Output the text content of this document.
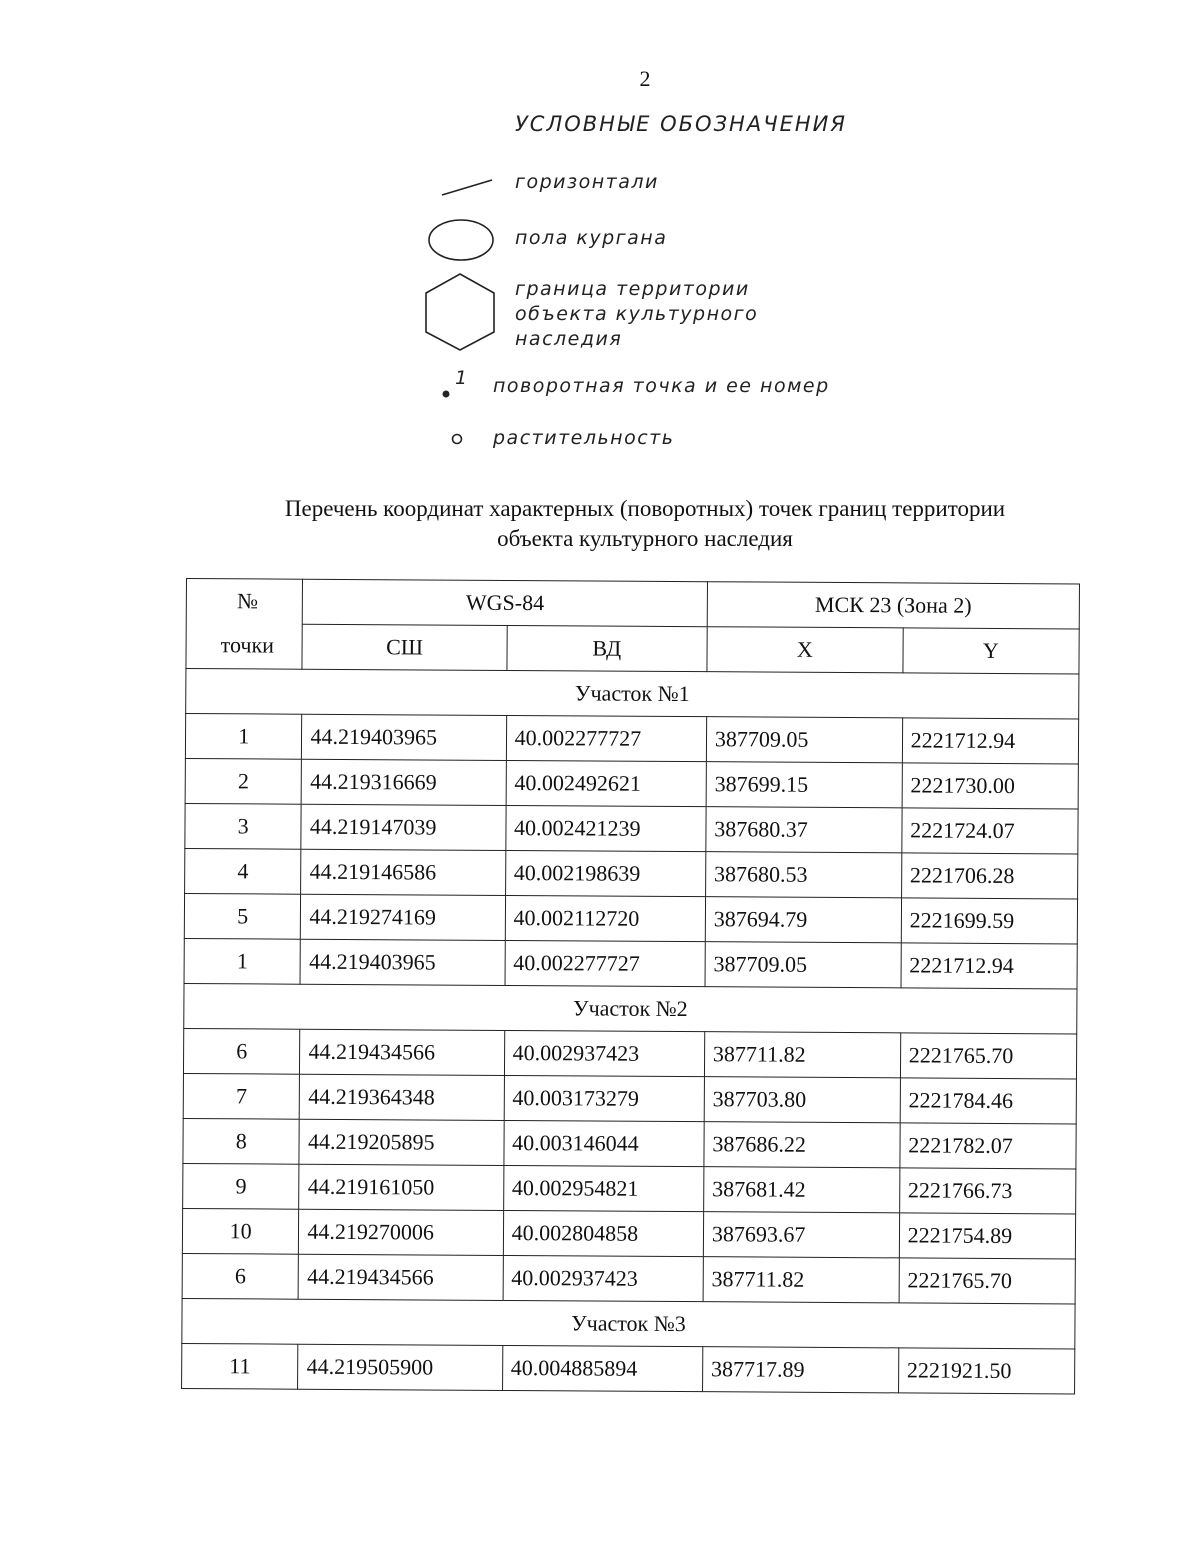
2
УСЛОВНЫЕ ОБОЗНАЧЕНИЯ
горизонтали
пола кургана
граница территории
объекта культурного
наследия
1 поворотная точка и ее номер
растительность
Перечень координат характерных (поворотных) точек границ территории
объекта культурного наследия
№
точки	WGS-84		МСК 23 (Зона 2)	
	СШ	ВД	X	Y
Участок №1				
1	44.219403965	40.002277727	387709.05	2221712.94
2	44.219316669	40.002492621	387699.15	2221730.00
3	44.219147039	40.002421239	387680.37	2221724.07
4	44.219146586	40.002198639	387680.53	2221706.28
5	44.219274169	40.002112720	387694.79	2221699.59
1	44.219403965	40.002277727	387709.05	2221712.94
Участок №2				
6	44.219434566	40.002937423	387711.82	2221765.70
7	44.219364348	40.003173279	387703.80	2221784.46
8	44.219205895	40.003146044	387686.22	2221782.07
9	44.219161050	40.002954821	387681.42	2221766.73
10	44.219270006	40.002804858	387693.67	2221754.89
6	44.219434566	40.002937423	387711.82	2221765.70
Участок №3				
11	44.219505900	40.004885894	387717.89	2221921.50
